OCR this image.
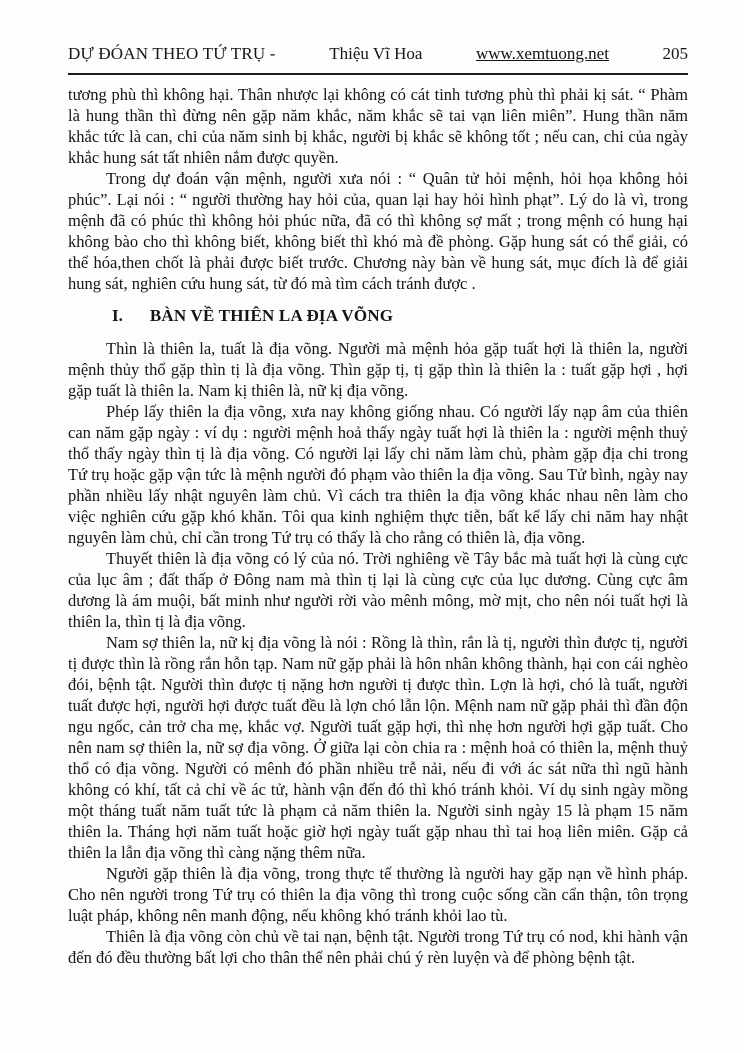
DỰ ĐÓAN THEO TỨ TRỤ -	Thiệu Vĩ Hoa	www.xemtuong.net	205

tương phù thì không hại. Thân nhược lại không có cát tinh tương phù thì phải kị sát. “ Phàm là hung thần thì đừng nên gặp năm khắc, năm khắc sẽ tai vạn liên miên”. Hung thần năm khắc tức là can, chi của năm sinh bị khắc, người bị khắc sẽ không tốt ; nếu can, chi của ngày khắc hung sát tất nhiên nắm được quyền.

Trong dự đoán vận mệnh, người xưa nói : “ Quân tử hỏi mệnh, hỏi họa không hỏi phúc”. Lại nói : “ người thường hay hỏi của, quan lại hay hỏi hình phạt”. Lý do là vì, trong mệnh đã có phúc thì không hỏi phúc nữa, đã có thì không sợ mất ; trong mệnh có hung hại không bào cho thì không biết, không biết thì khó mà đề phòng. Gặp hung sát có thể giải, có thể hóa,then chốt là phải được biết trước. Chương này bàn về hung sát, mục đích là để giải hung sát, nghiên cứu hung sát, từ đó mà tìm cách tránh được .

I. BÀN VỀ THIÊN LA ĐỊA VÕNG

Thìn là thiên la, tuất là địa võng. Người mà mệnh hỏa gặp tuất hợi là thiên la, người mệnh thủy thổ gặp thìn tị là địa võng. Thìn gặp tị, tị gặp thìn là thiên la : tuất gặp hợi , hợi gặp tuất là thiên la. Nam kị thiên là, nữ kị địa võng.

Phép lấy thiên la địa võng, xưa nay không giống nhau. Có người lấy nạp âm của thiên can năm gặp ngày : ví dụ : người mệnh hoả thấy ngày tuất hợi là thiên la : người mệnh thuỷ thổ thấy ngày thìn tị là địa võng. Có người lại lấy chi năm làm chủ, phàm gặp địa chi trong Tứ trụ hoặc gặp vận tức là mệnh người đó phạm vào thiên la địa võng. Sau Tử bình, ngày nay phần nhiều lấy nhật nguyên làm chủ. Vì cách tra thiên la địa võng khác nhau nên làm cho việc nghiên cứu gặp khó khăn. Tôi qua kinh nghiệm thực tiễn, bất kể lấy chi năm hay nhật nguyên làm chủ, chỉ cần trong Tứ trụ có thấy là cho rằng có thiên là, địa võng.

Thuyết thiên là địa võng có lý của nó. Trời nghiêng về Tây bắc mà tuất hợi là cùng cực của lục âm ; đất thấp ở Đông nam mà thìn tị lại là cùng cực của lục dương. Cùng cực âm dương là ám muội, bất minh như người rời vào mênh mông, mờ mịt, cho nên nói tuất hợi là thiên la, thìn tị là địa võng.

Nam sợ thiên la, nữ kị địa võng là nói : Rồng là thìn, rắn là tị, người thìn được tị, người tị được thìn là rồng rắn hỗn tạp. Nam nữ gặp phải là hôn nhân không thành, hại con cái nghèo đói, bệnh tật. Người thìn được tị nặng hơn người tị được thìn. Lợn là hợi, chó là tuất, người tuất được hợi, người hợi được tuất đều là lợn chó lẫn lộn. Mệnh nam nữ gặp phải thì đần độn ngu ngốc, cản trở cha mẹ, khắc vợ. Người tuất gặp hợi, thì nhẹ hơn người hợi gặp tuất. Cho nên nam sợ thiên la, nữ sợ địa võng. Ở giữa lại còn chia ra : mệnh hoả có thiên la, mệnh thuỷ thổ có địa võng. Người có mênh đó phần nhiều trễ nải, nếu đi với ác sát nữa thì ngũ hành không có khí, tất cả chỉ về ác tử, hành vận đến đó thì khó tránh khỏi. Ví dụ sinh ngày mồng một tháng tuất năm tuất tức là phạm cả năm thiên la. Người sinh ngày 15 là phạm 15 năm thiên la. Tháng hợi năm tuất hoặc giờ hợi ngày tuất gặp nhau thì tai hoạ liên miên. Gặp cả thiên la lẫn địa võng thì càng nặng thêm nữa.

Người gặp thiên là địa võng, trong thực tế thường là người hay gặp nạn về hình pháp. Cho nên người trong Tứ trụ có thiên la địa võng thì trong cuộc sống cần cẩn thận, tôn trọng luật pháp, không nên manh động, nếu không khó tránh khỏi lao tù.

Thiên là địa võng còn chủ về tai nạn, bệnh tật. Người trong Tứ trụ có nod, khi hành vận đến đó đều thường bất lợi cho thân thể nên phải chú ý rèn luyện và để phòng bệnh tật.
